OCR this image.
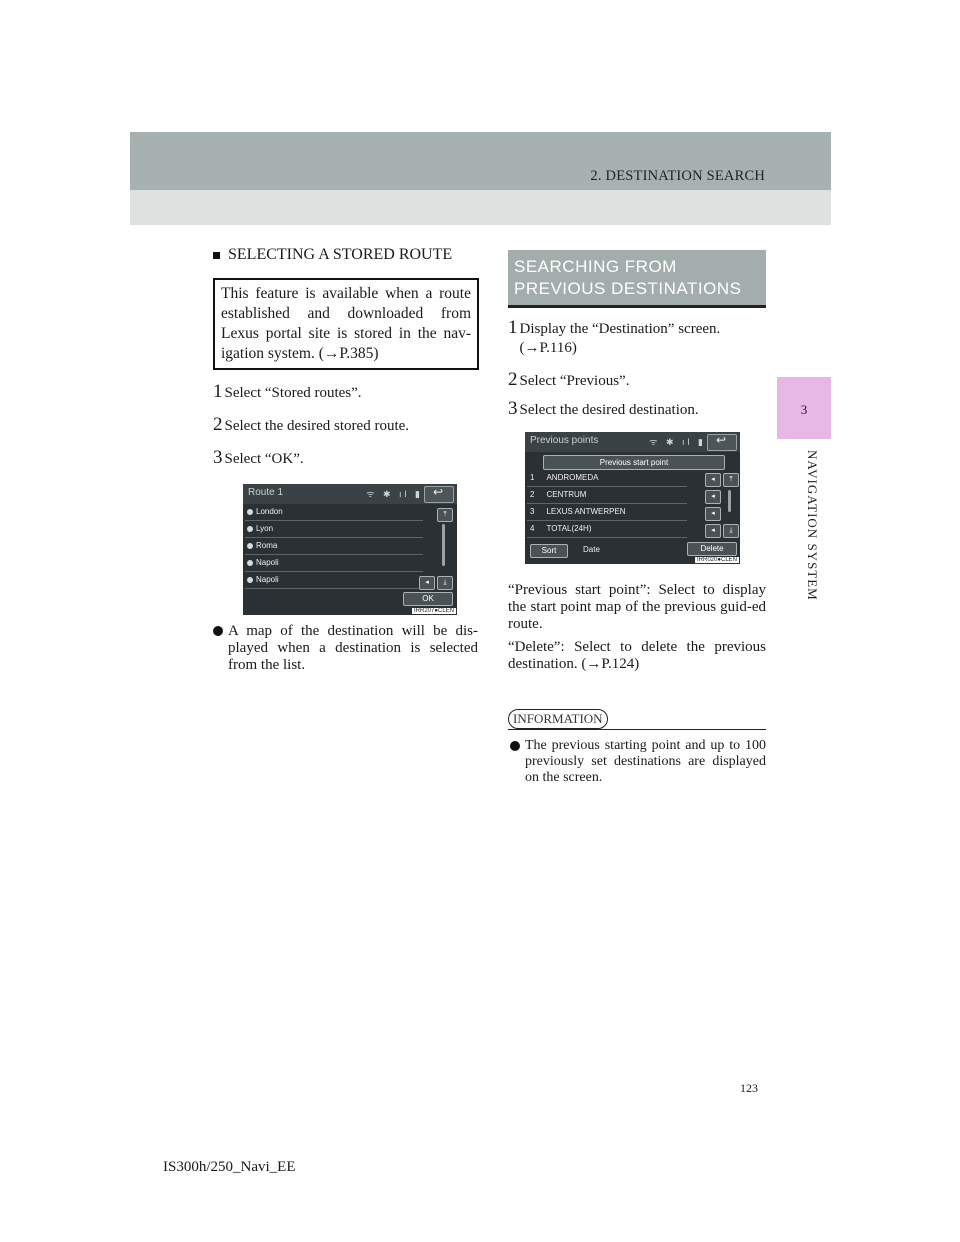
2. DESTINATION SEARCH
3
NAVIGATION SYSTEM
SELECTING A STORED ROUTE
This feature is available when a route established and downloaded from Lexus portal site is stored in the nav-igation system. (→P.385)
1 Select “Stored routes”.
2 Select the desired stored route.
3 Select “OK”.
Route 1	ᯤ ✱ ıl ▮
↩
London
Lyon
Roma
Napoli
Napoli
⤒
⤓
◂
OK
IRR207●CLEN
A map of the destination will be dis-played when a destination is selected from the list.
SEARCHING FROM
PREVIOUS DESTINATIONS
1 Display the “Destination” screen. (→P.116)
2 Select “Previous”.
3 Select the desired destination.
Previous points	ᯤ ✱ ıl ▮
↩
Previous start point
1 ANDROMEDA
2 CENTRUM
3 LEXUS ANTWERPEN
4 TOTAL(24H)
◂
◂
◂
◂
⤒
⤓
Sort	Date	Delete
IRR020●CLEN
“Previous start point”: Select to display the start point map of the previous guid-ed route.
“Delete”: Select to delete the previous destination. (→P.124)
INFORMATION
The previous starting point and up to 100 previously set destinations are displayed on the screen.
123
IS300h/250_Navi_EE
